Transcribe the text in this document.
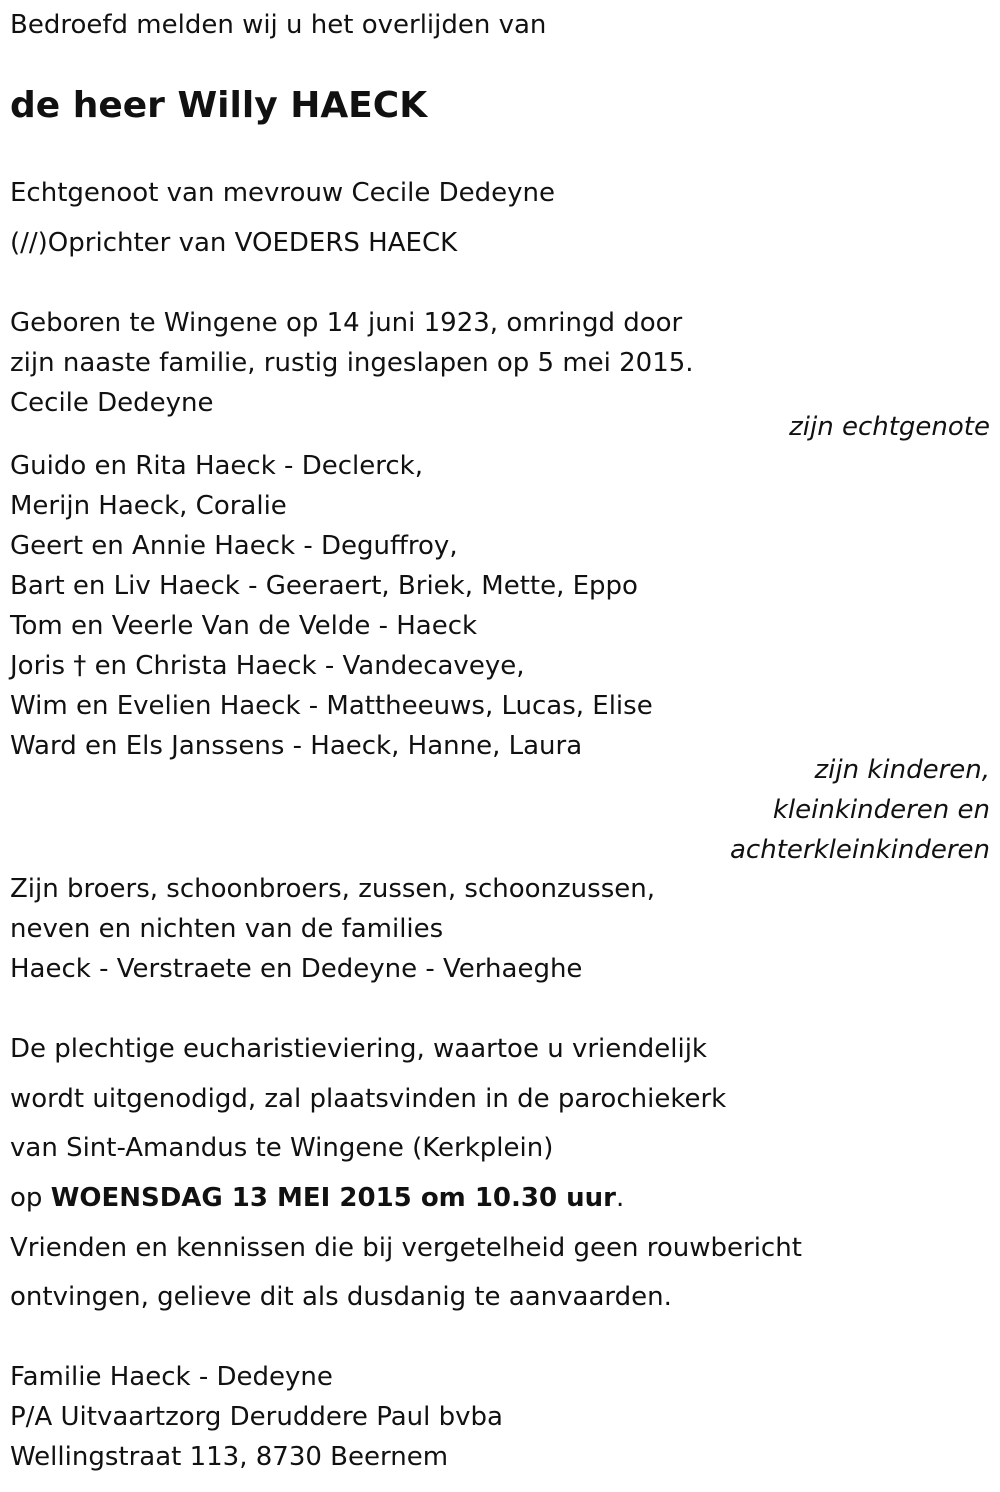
Bedroefd melden wij u het overlijden van
de heer Willy HAECK
Echtgenoot van mevrouw Cecile Dedeyne
(//)Oprichter van VOEDERS HAECK
Geboren te Wingene op 14 juni 1923, omringd door
zijn naaste familie, rustig ingeslapen op 5 mei 2015.
Cecile Dedeyne
zijn echtgenote
Guido en Rita Haeck - Declerck,
Merijn Haeck, Coralie
Geert en Annie Haeck - Deguffroy,
Bart en Liv Haeck - Geeraert, Briek, Mette, Eppo
Tom en Veerle Van de Velde - Haeck
Joris † en Christa Haeck - Vandecaveye,
Wim en Evelien Haeck - Mattheeuws, Lucas, Elise
Ward en Els Janssens - Haeck, Hanne, Laura
zijn kinderen,
kleinkinderen en
achterkleinkinderen
Zijn broers, schoonbroers, zussen, schoonzussen,
neven en nichten van de families
Haeck - Verstraete en Dedeyne - Verhaeghe
De plechtige eucharistieviering, waartoe u vriendelijk
wordt uitgenodigd, zal plaatsvinden in de parochiekerk
van Sint-Amandus te Wingene (Kerkplein)
op WOENSDAG 13 MEI 2015 om 10.30 uur.
Vrienden en kennissen die bij vergetelheid geen rouwbericht
ontvingen, gelieve dit als dusdanig te aanvaarden.
Familie Haeck - Dedeyne
P/A Uitvaartzorg Deruddere Paul bvba
Wellingstraat 113, 8730 Beernem
